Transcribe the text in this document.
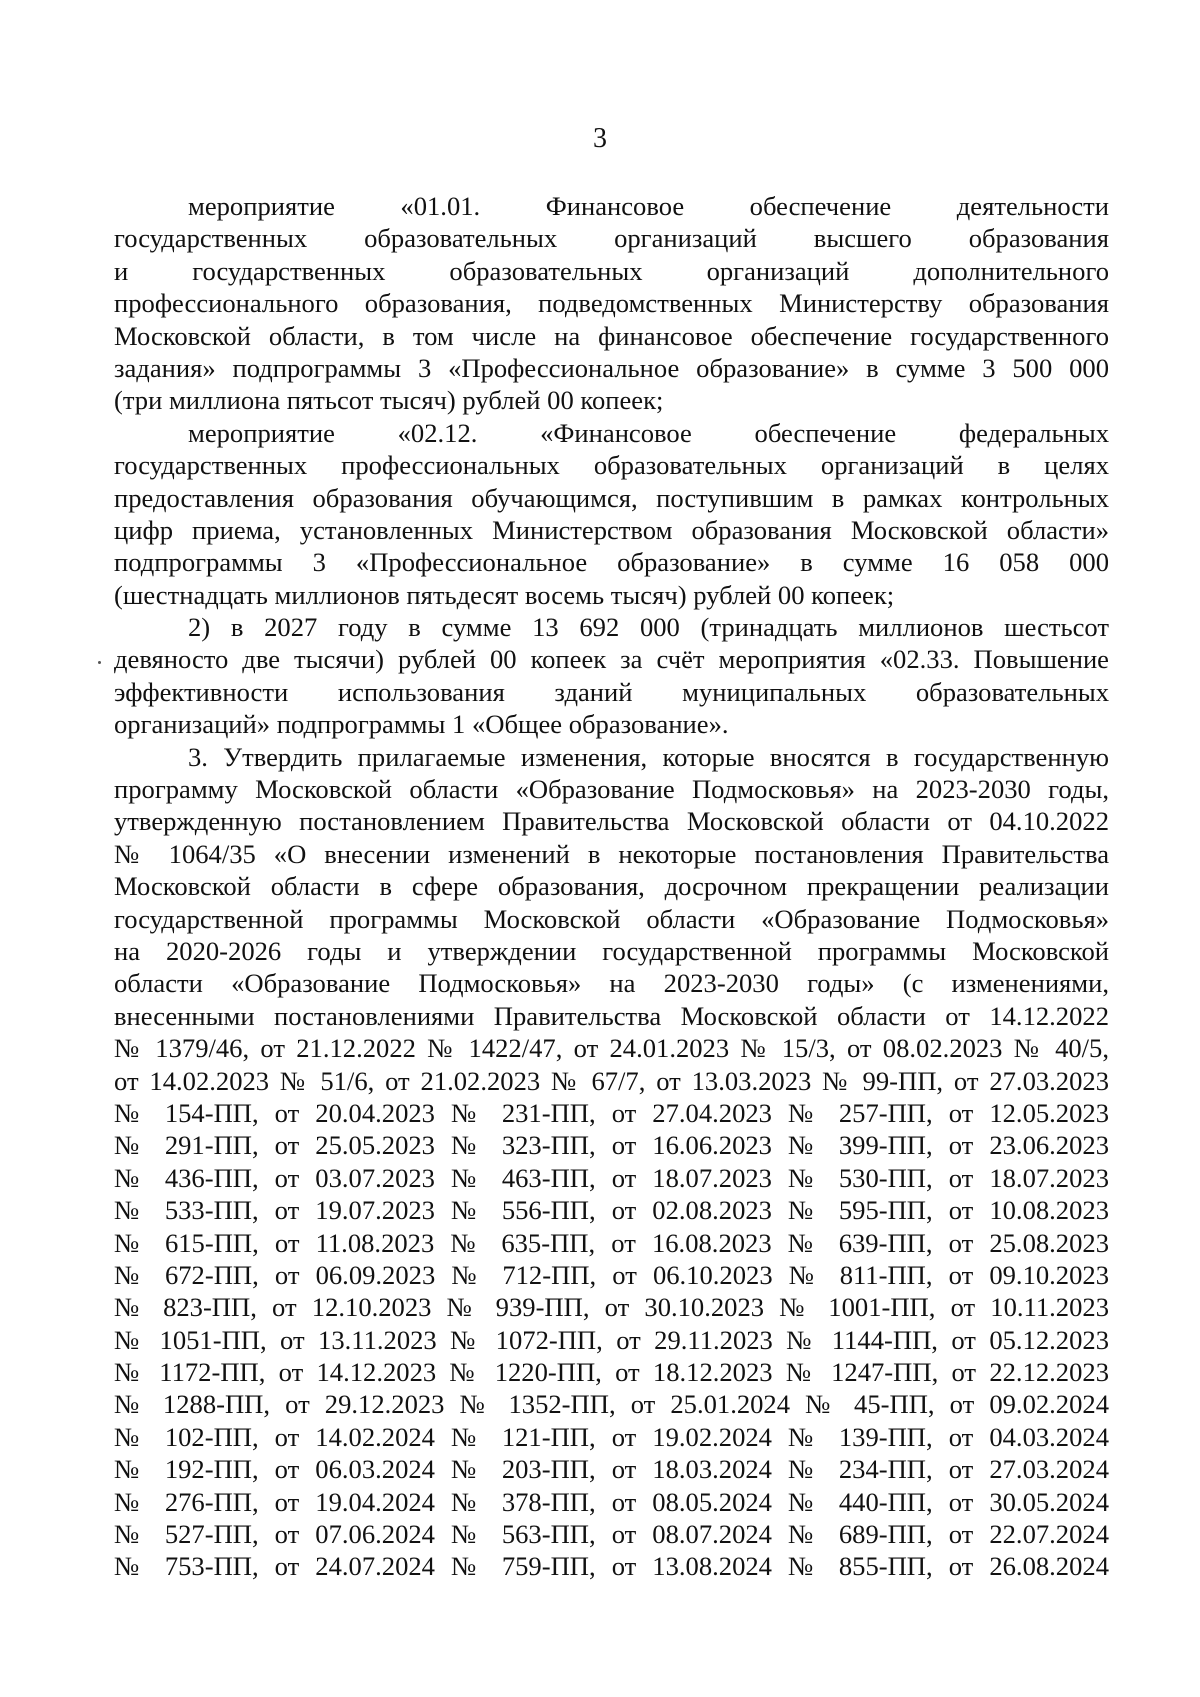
3
мероприятие «01.01. Финансовое обеспечение деятельности
государственных образовательных организаций высшего образования
и государственных образовательных организаций дополнительного
профессионального образования, подведомственных Министерству образования
Московской области, в том числе на финансовое обеспечение государственного
задания» подпрограммы 3 «Профессиональное образование» в сумме 3 500 000
(три миллиона пятьсот тысяч) рублей 00 копеек;
мероприятие «02.12. «Финансовое обеспечение федеральных
государственных профессиональных образовательных организаций в целях
предоставления образования обучающимся, поступившим в рамках контрольных
цифр приема, установленных Министерством образования Московской области»
подпрограммы 3 «Профессиональное образование» в сумме 16 058 000
(шестнадцать миллионов пятьдесят восемь тысяч) рублей 00 копеек;
2) в 2027 году в сумме 13 692 000 (тринадцать миллионов шестьсот
девяносто две тысячи) рублей 00 копеек за счёт мероприятия «02.33. Повышение
эффективности использования зданий муниципальных образовательных
организаций» подпрограммы 1 «Общее образование».
3. Утвердить прилагаемые изменения, которые вносятся в государственную
программу Московской области «Образование Подмосковья» на 2023-2030 годы,
утвержденную постановлением Правительства Московской области от 04.10.2022
№ 1064/35 «О внесении изменений в некоторые постановления Правительства
Московской области в сфере образования, досрочном прекращении реализации
государственной программы Московской области «Образование Подмосковья»
на 2020-2026 годы и утверждении государственной программы Московской
области «Образование Подмосковья» на 2023-2030 годы» (с изменениями,
внесенными постановлениями Правительства Московской области от 14.12.2022
№ 1379/46, от 21.12.2022 № 1422/47, от 24.01.2023 № 15/3, от 08.02.2023 № 40/5,
от 14.02.2023 № 51/6, от 21.02.2023 № 67/7, от 13.03.2023 № 99-ПП, от 27.03.2023
№ 154-ПП, от 20.04.2023 № 231-ПП, от 27.04.2023 № 257-ПП, от 12.05.2023
№ 291-ПП, от 25.05.2023 № 323-ПП, от 16.06.2023 № 399-ПП, от 23.06.2023
№ 436-ПП, от 03.07.2023 № 463-ПП, от 18.07.2023 № 530-ПП, от 18.07.2023
№ 533-ПП, от 19.07.2023 № 556-ПП, от 02.08.2023 № 595-ПП, от 10.08.2023
№ 615-ПП, от 11.08.2023 № 635-ПП, от 16.08.2023 № 639-ПП, от 25.08.2023
№ 672-ПП, от 06.09.2023 № 712-ПП, от 06.10.2023 № 811-ПП, от 09.10.2023
№ 823-ПП, от 12.10.2023 № 939-ПП, от 30.10.2023 № 1001-ПП, от 10.11.2023
№ 1051-ПП, от 13.11.2023 № 1072-ПП, от 29.11.2023 № 1144-ПП, от 05.12.2023
№ 1172-ПП, от 14.12.2023 № 1220-ПП, от 18.12.2023 № 1247-ПП, от 22.12.2023
№ 1288-ПП, от 29.12.2023 № 1352-ПП, от 25.01.2024 № 45-ПП, от 09.02.2024
№ 102-ПП, от 14.02.2024 № 121-ПП, от 19.02.2024 № 139-ПП, от 04.03.2024
№ 192-ПП, от 06.03.2024 № 203-ПП, от 18.03.2024 № 234-ПП, от 27.03.2024
№ 276-ПП, от 19.04.2024 № 378-ПП, от 08.05.2024 № 440-ПП, от 30.05.2024
№ 527-ПП, от 07.06.2024 № 563-ПП, от 08.07.2024 № 689-ПП, от 22.07.2024
№ 753-ПП, от 24.07.2024 № 759-ПП, от 13.08.2024 № 855-ПП, от 26.08.2024
